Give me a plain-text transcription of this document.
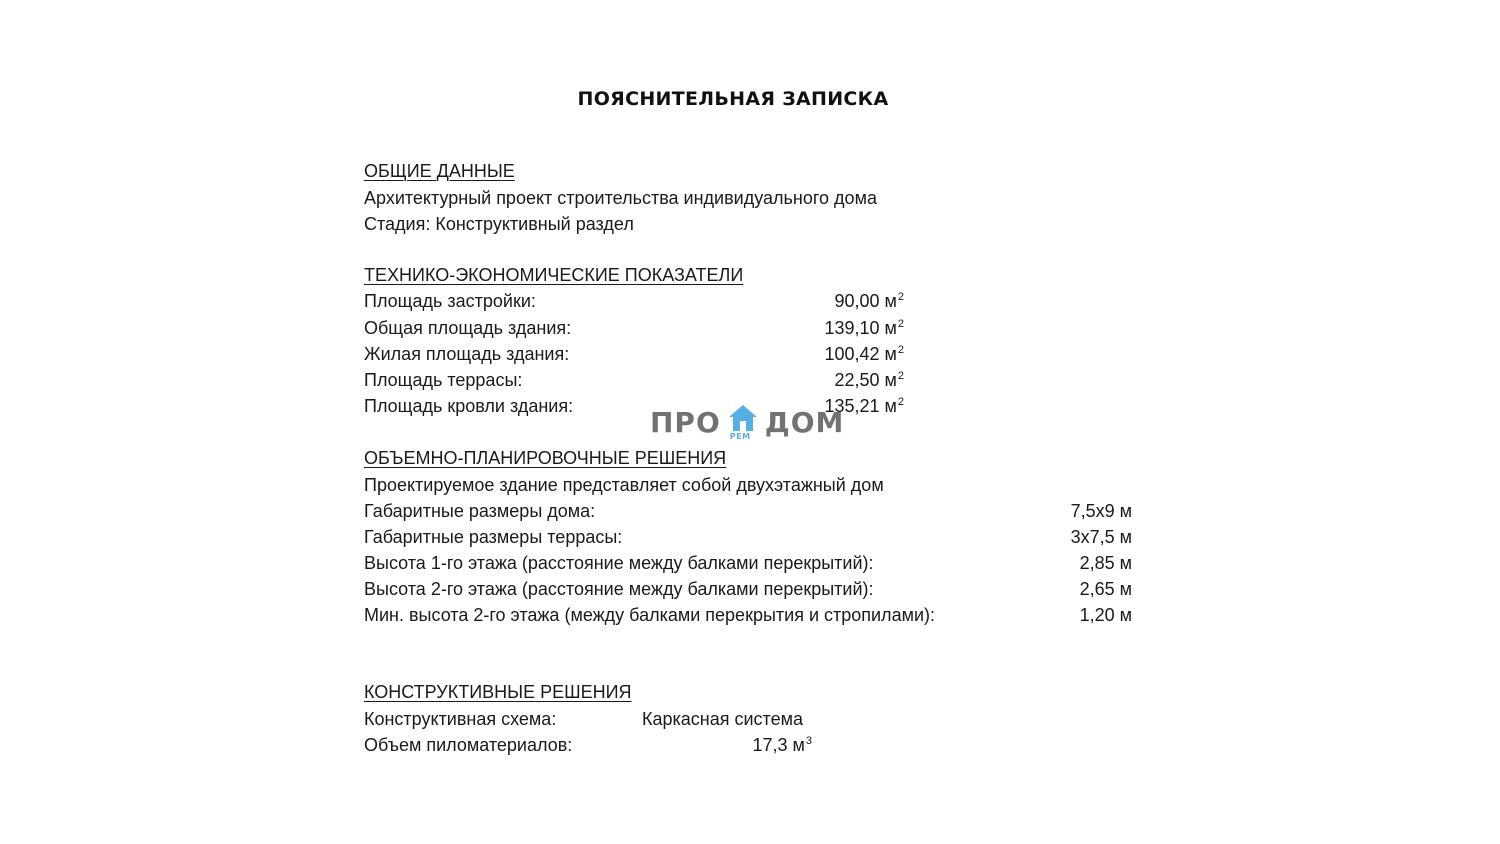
ПОЯСНИТЕЛЬНАЯ ЗАПИСКА
ОБЩИЕ ДАННЫЕ
Архитектурный проект строительства индивидуального дома
Стадия: Конструктивный раздел
ТЕХНИКО-ЭКОНОМИЧЕСКИЕ ПОКАЗАТЕЛИ
Площадь застройки:	90,00 $м^2$
Общая площадь здания:	139,10 $м^2$
Жилая площадь здания:	100,42 $м^2$
Площадь террасы:	22,50 $м^2$
Площадь кровли здания:	135,21 $м^2$
ПРО РЕМ ДОМ
ОБЪЕМНО-ПЛАНИРОВОЧНЫЕ РЕШЕНИЯ
Проектируемое здание представляет собой двухэтажный дом
Габаритные размеры дома:	7,5х9 м
Габаритные размеры террасы:	3х7,5 м
Высота 1-го этажа (расстояние между балками перекрытий):	2,85 м
Высота 2-го этажа (расстояние между балками перекрытий):	2,65 м
Мин. высота 2-го этажа (между балками перекрытия и стропилами):	1,20 м
КОНСТРУКТИВНЫЕ РЕШЕНИЯ
Конструктивная схема:	Каркасная система
Объем пиломатериалов:	17,3 $м^3$
